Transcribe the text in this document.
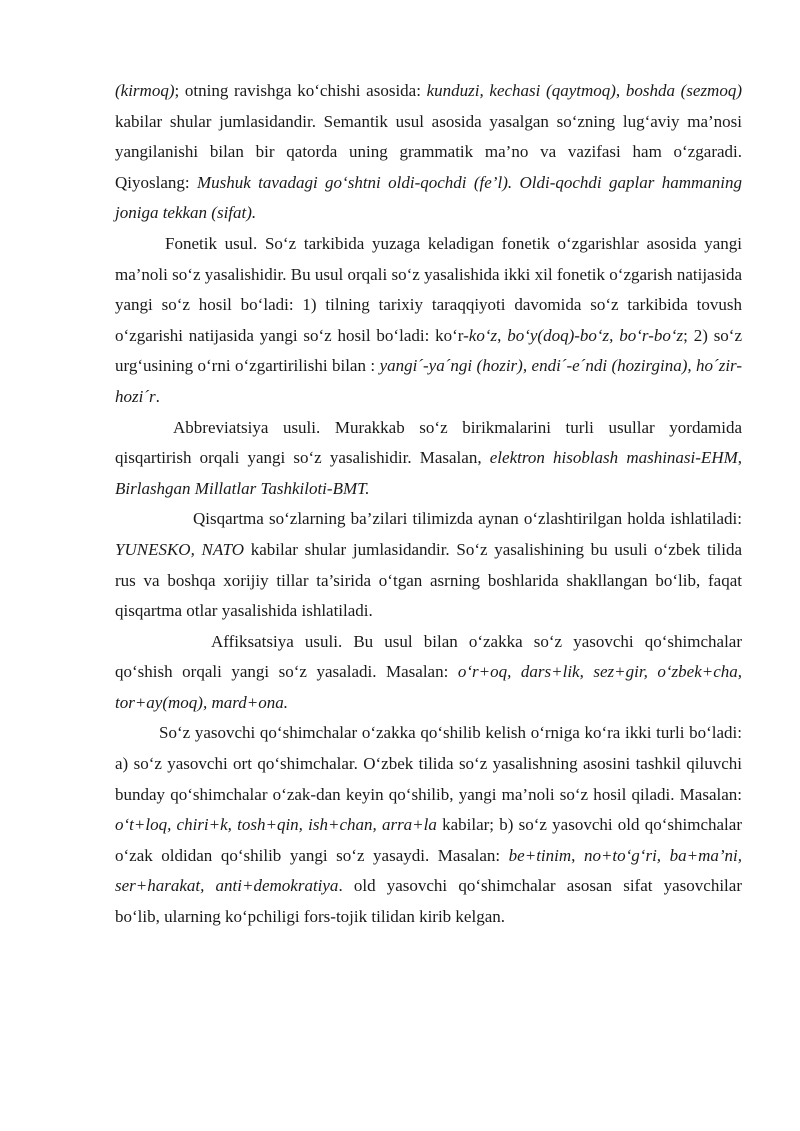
(kirmoq); otning ravishga ko‘chishi asosida: kunduzi, kechasi (qaytmoq), boshda (sezmoq) kabilar shular jumlasidandir. Semantik usul asosida yasalgan so‘zning lug‘aviy ma’nosi yangilanishi bilan bir qatorda uning grammatik ma’no va vazifasi ham o‘zgaradi. Qiyoslang: Mushuk tavadagi go‘shtni oldi-qochdi (fe’l). Oldi-qochdi gaplar hammaning joniga tekkan (sifat).

Fonetik usul. So‘z tarkibida yuzaga keladigan fonetik o‘zgarishlar asosida yangi ma’noli so‘z yasalishidir. Bu usul orqali so‘z yasalishida ikki xil fonetik o‘zgarish natijasida yangi so‘z hosil bo‘ladi: 1) tilning tarixiy taraqqiyoti davomida so‘z tarkibida tovush o‘zgarishi natijasida yangi so‘z hosil bo‘ladi: ko‘r-ko‘z, bo‘y(doq)-bo‘z, bo‘r-bo‘z; 2) so‘z urg‘usining o‘rni o‘zgartirilishi bilan : yangi´-ya´ngi (hozir), endi´-e´ndi (hozirgina), ho´zir-hozi´r.

Abbreviatsiya usuli. Murakkab so‘z birikmalarini turli usullar yordamida qisqartirish orqali yangi so‘z yasalishidir. Masalan, elektron hisoblash mashinasi-EHM, Birlashgan Millatlar Tashkiloti-BMT.

Qisqartma so‘zlarning ba’zilari tilimizda aynan o‘zlashtirilgan holda ishlatiladi: YUNESKO, NATO kabilar shular jumlasidandir. So‘z yasalishining bu usuli o‘zbek tilida rus va boshqa xorijiy tillar ta’sirida o‘tgan asrning boshlarida shakllangan bo‘lib, faqat qisqartma otlar yasalishida ishlatiladi.

Affiksatsiya usuli. Bu usul bilan o‘zakka so‘z yasovchi qo‘shimchalar qo‘shish orqali yangi so‘z yasaladi. Masalan: o‘r+oq, dars+lik, sez+gir, o‘zbek+cha, tor+ay(moq), mard+ona.

So‘z yasovchi qo‘shimchalar o‘zakka qo‘shilib kelish o‘rniga ko‘ra ikki turli bo‘ladi: a) so‘z yasovchi ort qo‘shimchalar. O‘zbek tilida so‘z yasalishning asosini tashkil qiluvchi bunday qo‘shimchalar o‘zak-dan keyin qo‘shilib, yangi ma’noli so‘z hosil qiladi. Masalan: o‘t+loq, chiri+k, tosh+qin, ish+chan, arra+la kabilar; b) so‘z yasovchi old qo‘shimchalar o‘zak oldidan qo‘shilib yangi so‘z yasaydi. Masalan: be+tinim, no+to‘g‘ri, ba+ma’ni, ser+harakat, anti+demokratiya. old yasovchi qo‘shimchalar asosan sifat yasovchilar bo‘lib, ularning ko‘pchiligi fors-tojik tilidan kirib kelgan.
